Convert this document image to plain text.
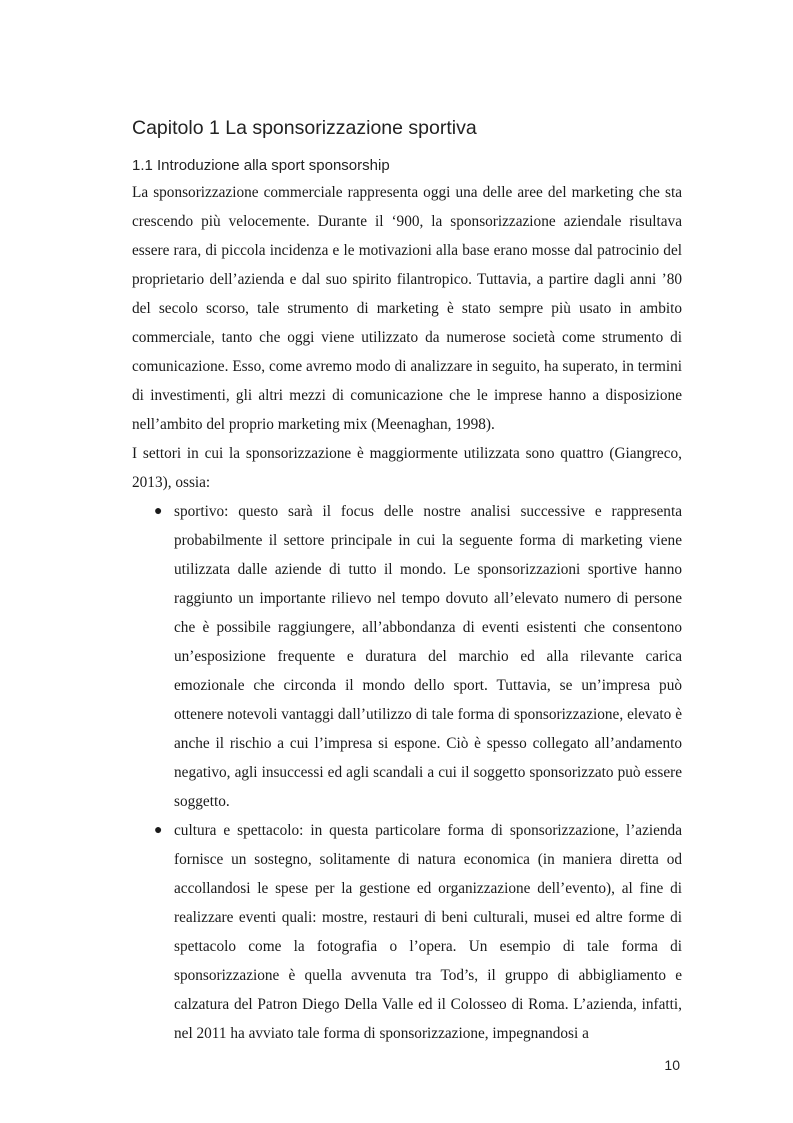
Capitolo 1 La sponsorizzazione sportiva
1.1 Introduzione alla sport sponsorship

La sponsorizzazione commerciale rappresenta oggi una delle aree del marketing che sta crescendo più velocemente. Durante il ‘900, la sponsorizzazione aziendale risultava essere rara, di piccola incidenza e le motivazioni alla base erano mosse dal patrocinio del proprietario dell’azienda e dal suo spirito filantropico. Tuttavia, a partire dagli anni ’80 del secolo scorso, tale strumento di marketing è stato sempre più usato in ambito commerciale, tanto che oggi viene utilizzato da numerose società come strumento di comunicazione. Esso, come avremo modo di analizzare in seguito, ha superato, in termini di investimenti, gli altri mezzi di comunicazione che le imprese hanno a disposizione nell’ambito del proprio marketing mix (Meenaghan, 1998).

I settori in cui la sponsorizzazione è maggiormente utilizzata sono quattro (Giangreco, 2013), ossia:

● sportivo: questo sarà il focus delle nostre analisi successive e rappresenta probabilmente il settore principale in cui la seguente forma di marketing viene utilizzata dalle aziende di tutto il mondo. Le sponsorizzazioni sportive hanno raggiunto un importante rilievo nel tempo dovuto all’elevato numero di persone che è possibile raggiungere, all’abbondanza di eventi esistenti che consentono un’esposizione frequente e duratura del marchio ed alla rilevante carica emozionale che circonda il mondo dello sport. Tuttavia, se un’impresa può ottenere notevoli vantaggi dall’utilizzo di tale forma di sponsorizzazione, elevato è anche il rischio a cui l’impresa si espone. Ciò è spesso collegato all’andamento negativo, agli insuccessi ed agli scandali a cui il soggetto sponsorizzato può essere soggetto.
● cultura e spettacolo: in questa particolare forma di sponsorizzazione, l’azienda fornisce un sostegno, solitamente di natura economica (in maniera diretta od accollandosi le spese per la gestione ed organizzazione dell’evento), al fine di realizzare eventi quali: mostre, restauri di beni culturali, musei ed altre forme di spettacolo come la fotografia o l’opera. Un esempio di tale forma di sponsorizzazione è quella avvenuta tra Tod’s, il gruppo di abbigliamento e calzatura del Patron Diego Della Valle ed il Colosseo di Roma. L’azienda, infatti, nel 2011 ha avviato tale forma di sponsorizzazione, impegnandosi a
10
